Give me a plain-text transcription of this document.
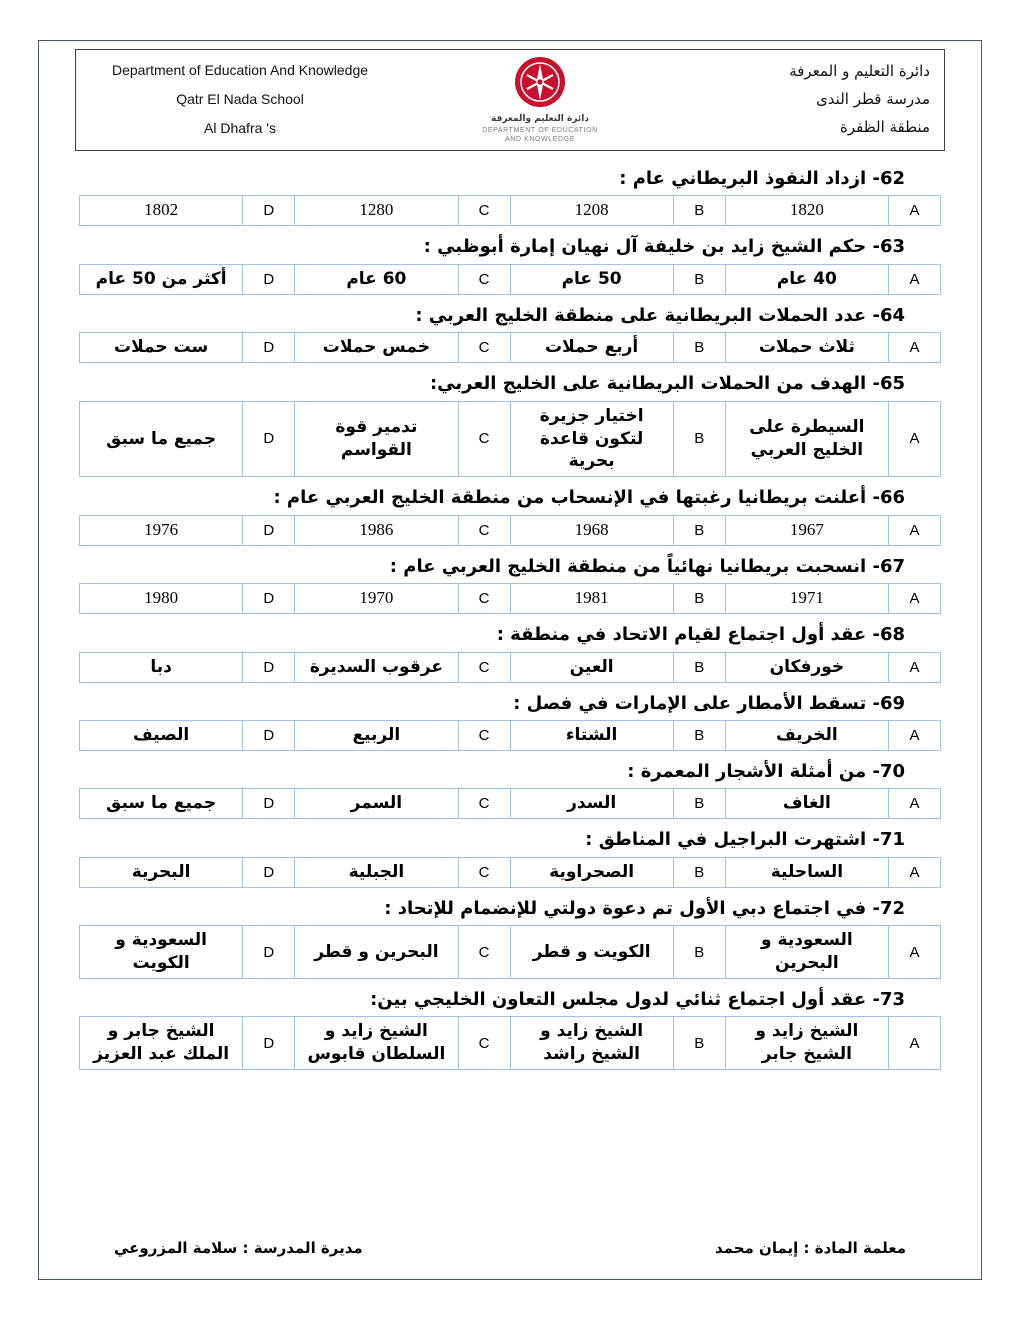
Department of Education And Knowledge
Qatr El Nada School
Al Dhafra 's
دائرة التعليم والمعرفة
DEPARTMENT OF EDUCATION
AND KNOWLEDGE
دائرة التعليم و المعرفة
مدرسة قطر الندى
منطقة الظفرة
62- ازداد النفوذ البريطاني عام :
A	1820	B	1208	C	1280	D	1802
63- حكم الشيخ زايد بن خليفة آل نهيان إمارة أبوظبي :
A	40 عام	B	50 عام	C	60 عام	D	أكثر من 50 عام
64- عدد الحملات البريطانية على منطقة الخليج العربي :
A	ثلاث حملات	B	أربع حملات	C	خمس حملات	D	ست حملات
65- الهدف من الحملات البريطانية على الخليج العربي:
A	السيطرة على الخليج العربي	B	اختيار جزيرة لتكون قاعدة بحرية	C	تدمير قوة القواسم	D	جميع ما سبق
66- أعلنت بريطانيا رغبتها في الإنسحاب من منطقة الخليج العربي عام :
A	1967	B	1968	C	1986	D	1976
67- انسحبت بريطانيا نهائياً من منطقة الخليج العربي عام :
A	1971	B	1981	C	1970	D	1980
68- عقد أول اجتماع لقيام الاتحاد في منطقة :
A	خورفكان	B	العين	C	عرقوب السديرة	D	دبا
69- تسقط الأمطار على الإمارات في فصل :
A	الخريف	B	الشتاء	C	الربيع	D	الصيف
70- من أمثلة الأشجار المعمرة :
A	الغاف	B	السدر	C	السمر	D	جميع ما سبق
71- اشتهرت البراجيل في المناطق :
A	الساحلية	B	الصحراوية	C	الجبلية	D	البحرية
72- في اجتماع دبي الأول تم دعوة دولتي للإنضمام للإتحاد :
A	السعودية و البحرين	B	الكويت و قطر	C	البحرين و قطر	D	السعودية و الكويت
73- عقد أول اجتماع ثنائي لدول مجلس التعاون الخليجي بين:
A	الشيخ زايد و الشيخ جابر	B	الشيخ زايد و الشيخ راشد	C	الشيخ زايد و السلطان قابوس	D	الشيخ جابر و الملك عبد العزيز
مديرة المدرسة : سلامة المزروعي	معلمة المادة : إيمان محمد
